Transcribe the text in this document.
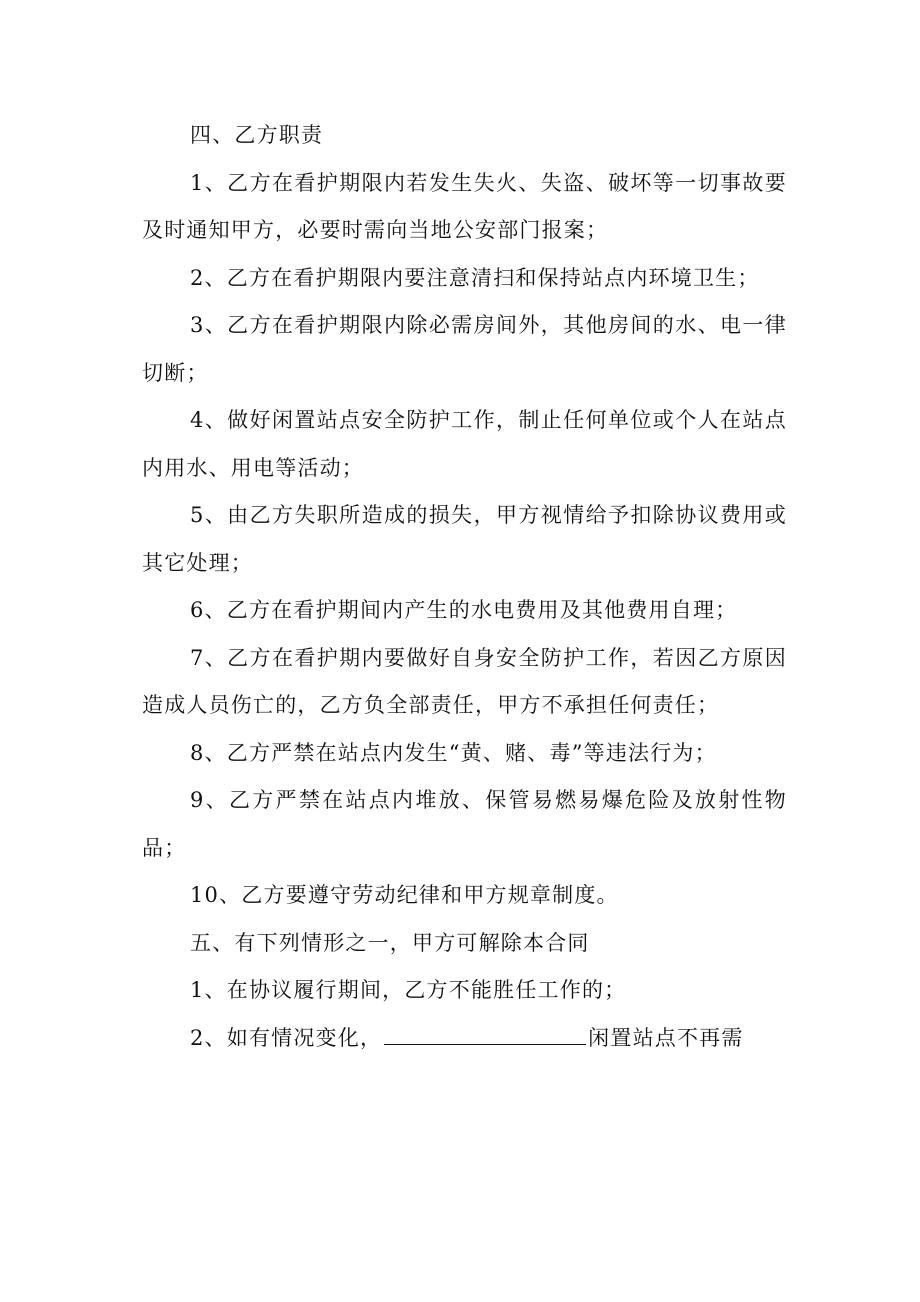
四、乙方职责

1、乙方在看护期限内若发生失火、失盗、破坏等一切事故要及时通知甲方，必要时需向当地公安部门报案；

2、乙方在看护期限内要注意清扫和保持站点内环境卫生；

3、乙方在看护期限内除必需房间外，其他房间的水、电一律切断；

4、做好闲置站点安全防护工作，制止任何单位或个人在站点内用水、用电等活动；

5、由乙方失职所造成的损失，甲方视情给予扣除协议费用或其它处理；

6、乙方在看护期间内产生的水电费用及其他费用自理；

7、乙方在看护期内要做好自身安全防护工作，若因乙方原因造成人员伤亡的，乙方负全部责任，甲方不承担任何责任；

8、乙方严禁在站点内发生“黄、赌、毒”等违法行为；

9、乙方严禁在站点内堆放、保管易燃易爆危险及放射性物品；

10、乙方要遵守劳动纪律和甲方规章制度。

五、有下列情形之一，甲方可解除本合同

1、在协议履行期间，乙方不能胜任工作的；

2、如有情况变化，	闲置站点不再需
